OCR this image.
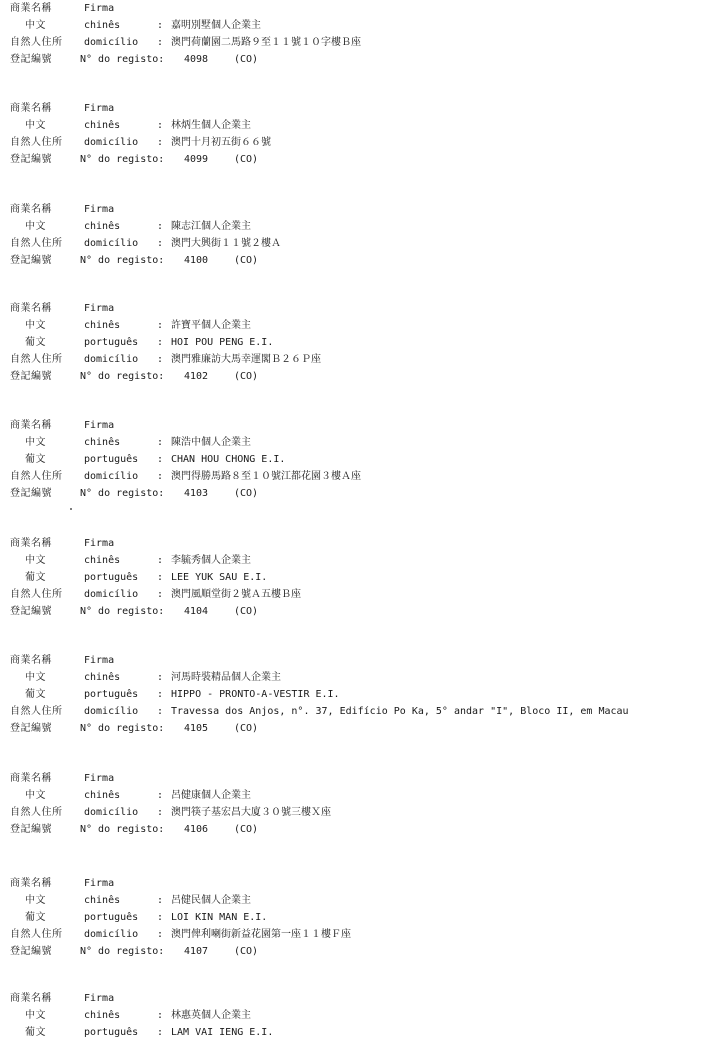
商業名稱	Firma
中文	chinês	: 嘉明別墅個人企業主
自然人住所 domicílio : 澳門荷蘭園二馬路９至１１號１０字樓Ｂ座
登記編號	N° do registo: 4098	(CO)
商業名稱	Firma
中文	chinês	: 林炳生個人企業主
自然人住所 domicílio : 澳門十月初五街６６號
登記編號	N° do registo: 4099	(CO)
商業名稱	Firma
中文	chinês	: 陳志江個人企業主
自然人住所 domicílio : 澳門大興街１１號２樓Ａ
登記編號	N° do registo: 4100	(CO)
商業名稱	Firma
中文	chinês	: 許寶平個人企業主
葡文	português : HOI POU PENG E.I.
自然人住所 domicílio : 澳門雅廉訪大馬幸運閣Ｂ２６Ｐ座
登記編號	N° do registo: 4102	(CO)
商業名稱	Firma
中文	chinês	: 陳浩中個人企業主
葡文	português : CHAN HOU CHONG E.I.
自然人住所 domicílio : 澳門得勝馬路８至１０號江都花園３樓Ａ座
登記編號	N° do registo: 4103	(CO)
商業名稱	Firma
中文	chinês	: 李毓秀個人企業主
葡文	português : LEE YUK SAU E.I.
自然人住所 domicílio : 澳門風順堂街２號Ａ五樓Ｂ座
登記編號	N° do registo: 4104	(CO)
商業名稱	Firma
中文	chinês	: 河馬時裝精品個人企業主
葡文	português : HIPPO - PRONTO-A-VESTIR E.I.
自然人住所 domicílio : Travessa dos Anjos, n°. 37, Edifício Po Ka, 5° andar "I", Bloco II, em Macau
登記編號	N° do registo: 4105	(CO)
商業名稱	Firma
中文	chinês	: 呂健康個人企業主
自然人住所 domicílio : 澳門筷子基宏昌大廈３０號三樓Ｘ座
登記編號	N° do registo: 4106	(CO)
商業名稱	Firma
中文	chinês	: 呂健民個人企業主
葡文	português : LOI KIN MAN E.I.
自然人住所 domicílio : 澳門俾利喇街新益花園第一座１１樓Ｆ座
登記編號	N° do registo: 4107	(CO)
商業名稱	Firma
中文	chinês	: 林惠英個人企業主
葡文	português : LAM VAI IENG E.I.
